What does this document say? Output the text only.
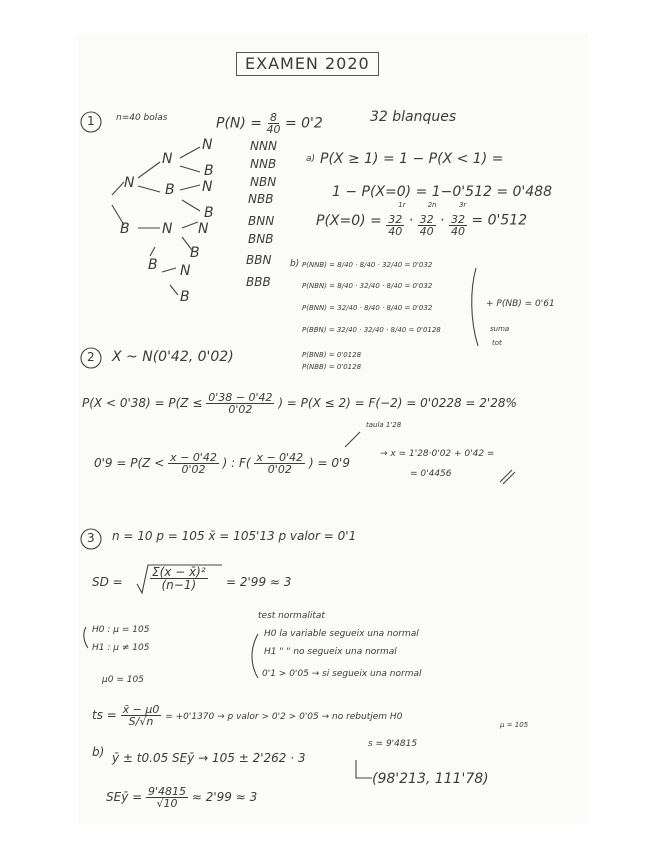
EXAMEN 2020
1 n=40 bolas	$P(N) = \frac{8}{40} = 0'2$	32 blanques
N
N
B
B N
B
N
B
N
B
B
N
B
N
NNN
NNB
NBN
NBB
BNN
BNB
BBN
BBB
a) P(X ≥ 1) = 1 − P(X < 1) =
1 − P(X=0) = 1−0'512 = 0'488
P(X=0) =
1r
$\frac{32}{40}$ ·
2n
$\frac{32}{40}$ ·
3r
$\frac{32}{40} = 0'512$
b) P(NNB) = 8/40 · 8/40 · 32/40 = 0'032
P(NBN) = 8/40 · 32/40 · 8/40 = 0'032
P(BNN) = 32/40 · 8/40 · 8/40 = 0'032
P(BBN) = 32/40 · 32/40 · 8/40 = 0'0128
P(BNB) = 0'0128
P(NBB) = 0'0128
+ P(NB) = 0'61
suma
tot
2 X ~ N(0'42, 0'02)
$P(X < 0'38) = P(Z \le \frac{0'38 - 0'42}{0'02}$ ) = P(X ≤ 2) = F(−2) = 0'0228 = 2'28%
taula 1'28
$0'9 = P(Z < \frac{x - 0'42}{0'02}$ ) : $F( \frac{x - 0'42}{0'02}$ ) = 0'9
→ x = 1'28·0'02 + 0'42 =
= 0'4456
3 n = 10 p = 105 x̄ = 105'13 p valor = 0'1
SD = $\frac{\text{Σ(x − x̄)²}}{(n-1)} = 2'99 \approx 3$
H0 : µ = 105
H1 : µ ≠ 105
test normalitat
H0 la variable segueix una normal
H1 " " no segueix una normal
0'1 > 0'05 → si segueix una normal
µ0 = 105
ts = $\frac{\text{x̄ − µ0}}{S/√n} = +0'1370 \to p$ valor > 0'2 > 0'05 → no rebutjem H0
µ = 105
b) ȳ ± t0.05 SEȳ → 105 ± 2'262 · 3
s = 9'4815
(98'213, 111'78)
SEȳ = $\frac{9'4815}{√10} \approx 2'99 \approx 3$
